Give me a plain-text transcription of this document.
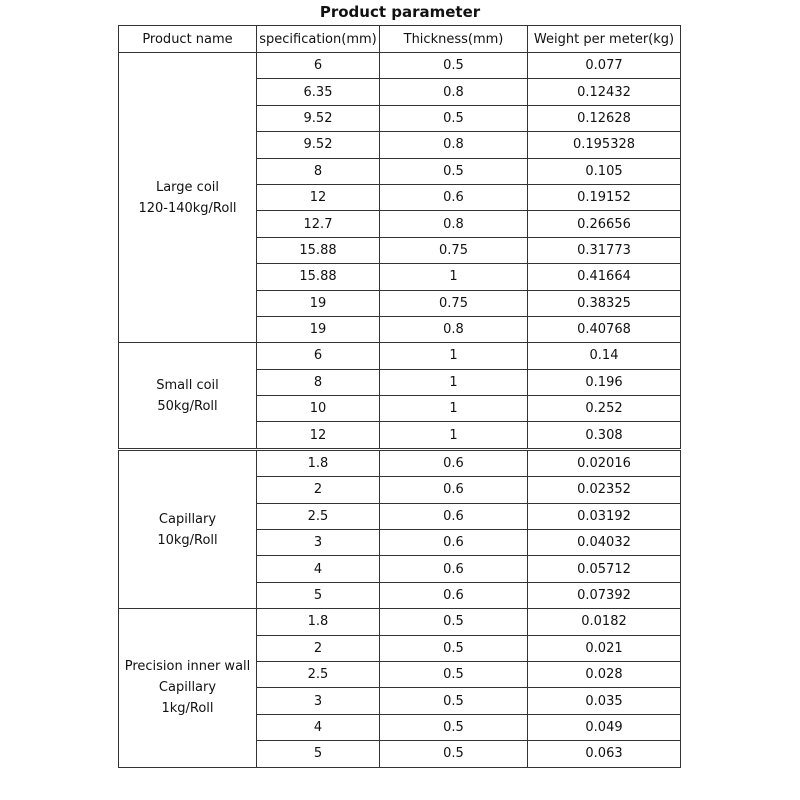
Product parameter
Product name	specification(mm)	Thickness(mm)	Weight per meter(kg)

Large coil
120-140kg/Roll	6	0.5	0.077
	6.35	0.8	0.12432
	9.52	0.5	0.12628
	9.52	0.8	0.195328
	8	0.5	0.105
	12	0.6	0.19152
	12.7	0.8	0.26656
	15.88	0.75	0.31773
	15.88	1	0.41664
	19	0.75	0.38325
	19	0.8	0.40768

Small coil
50kg/Roll	6	1	0.14
	8	1	0.196
	10	1	0.252
	12	1	0.308

Capillary
10kg/Roll	1.8	0.6	0.02016
	2	0.6	0.02352
	2.5	0.6	0.03192
	3	0.6	0.04032
	4	0.6	0.05712
	5	0.6	0.07392

Precision inner wall
Capillary
1kg/Roll	1.8	0.5	0.0182
	2	0.5	0.021
	2.5	0.5	0.028
	3	0.5	0.035
	4	0.5	0.049
	5	0.5	0.063
